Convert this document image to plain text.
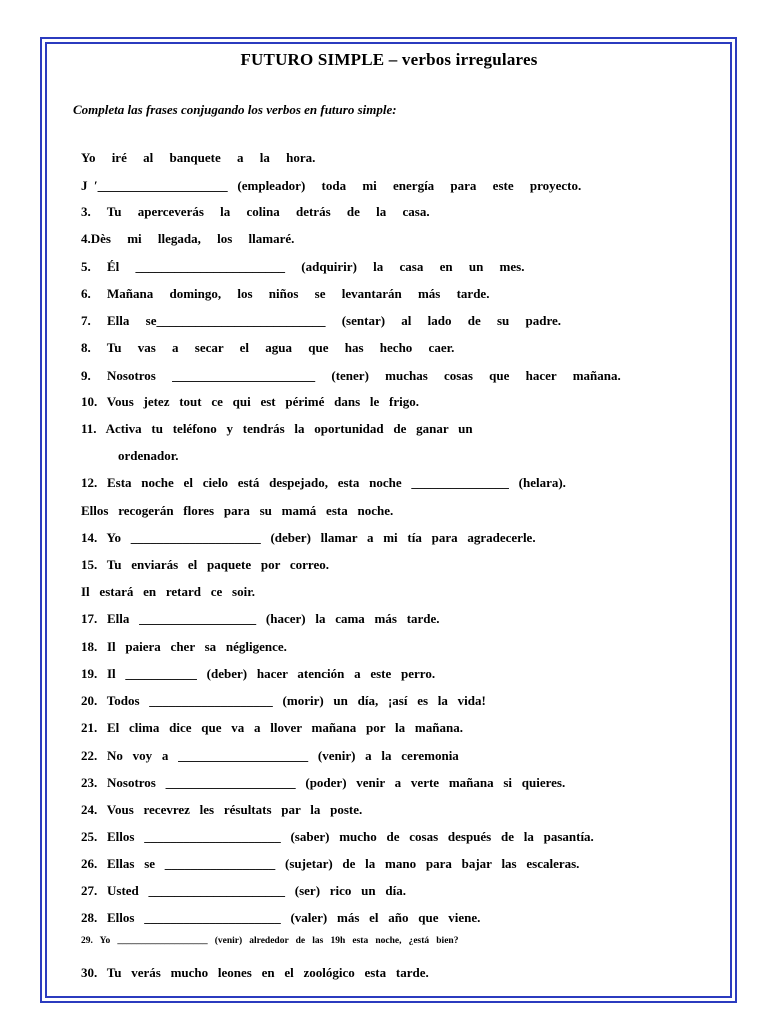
FUTURO SIMPLE – verbos irregulares
Completa las frases conjugando los verbos en futuro simple:
Yo     iré     al     banquete     a     la     hora.
J  ʹ____________________   (empleador)     toda     mi     energía     para     este     proyecto.
3.     Tu     aperceverás     la     colina     detrás     de     la     casa.
4.Dès     mi     llegada,     los     llamaré.
5.     Él     _______________________     (adquirir)     la     casa     en     un     mes.
6.     Mañana     domingo,     los     niños     se     levantarán     más     tarde.
7.     Ella     se__________________________     (sentar)     al     lado     de     su     padre.
8.     Tu     vas     a     secar     el     agua     que     has     hecho     caer.
9.     Nosotros     ______________________     (tener)     muchas     cosas     que     hacer     mañana.
10.   Vous   jetez   tout   ce   qui   est   périmé   dans   le   frigo.
11.   Activa   tu   teléfono   y   tendrás   la   oportunidad   de   ganar   un
ordenador.
12.   Esta   noche   el   cielo   está   despejado,   esta   noche   _______________   (helara).
Ellos   recogerán   flores   para   su   mamá   esta   noche.
14.   Yo   ____________________   (deber)   llamar   a   mi   tía   para   agradecerle.
15.   Tu   enviarás   el   paquete   por   correo.
Il   estará   en   retard   ce   soir.
17.   Ella   __________________   (hacer)   la   cama   más   tarde.
18.   Il   paiera   cher   sa   négligence.
19.   Il   ___________   (deber)   hacer   atención   a   este   perro.
20.   Todos   ___________________   (morir)   un   día,   ¡así   es   la   vida!
21.   El   clima   dice   que   va   a   llover   mañana   por   la   mañana.
22.   No   voy   a   ____________________   (venir)   a   la   ceremonia
23.   Nosotros   ____________________   (poder)   venir   a   verte   mañana   si   quieres.
24.   Vous   recevrez   les   résultats   par   la   poste.
25.   Ellos   _____________________   (saber)   mucho   de   cosas   después   de   la   pasantía.
26.   Ellas   se   _________________   (sujetar)   de   la   mano   para   bajar   las   escaleras.
27.   Usted   _____________________   (ser)   rico   un   día.
28.   Ellos   _____________________   (valer)   más   el   año   que   viene.
29.   Yo   ___________________   (venir)   alrededor   de   las   19h   esta   noche,   ¿está   bien?
30.   Tu   verás   mucho   leones   en   el   zoológico   esta   tarde.
